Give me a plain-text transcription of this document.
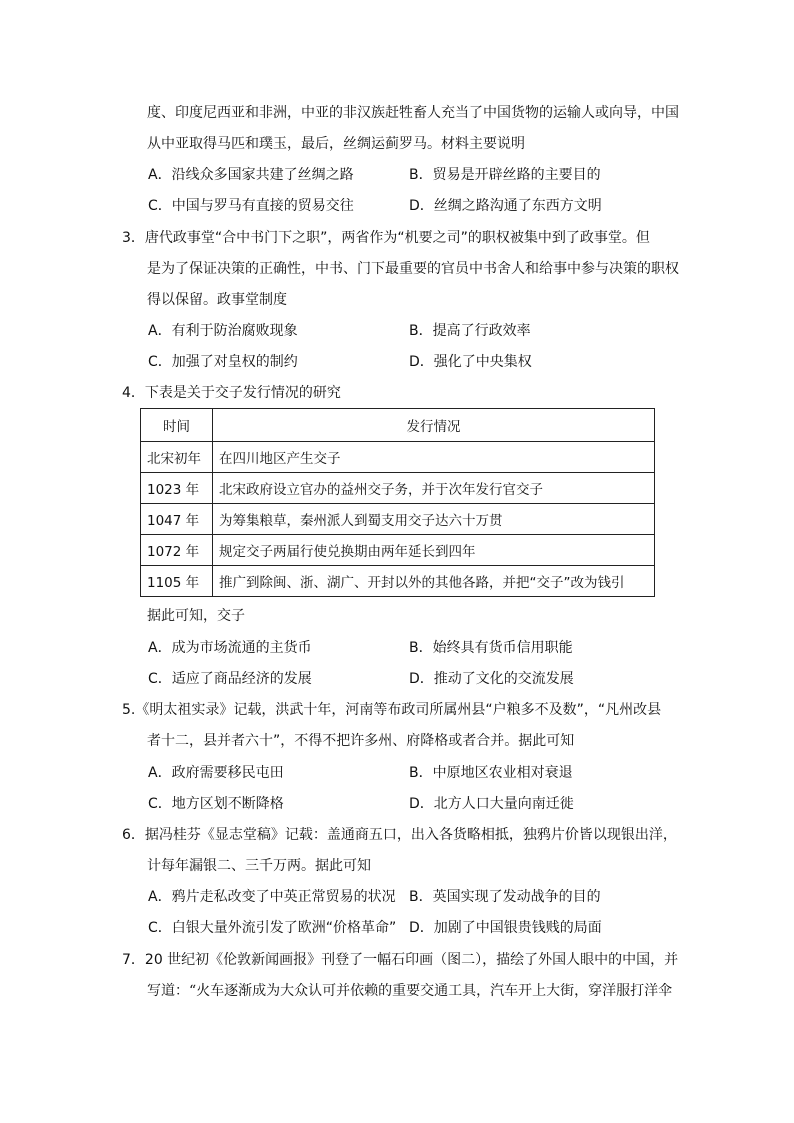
度、印度尼西亚和非洲，中亚的非汉族赶牲畜人充当了中国货物的运输人或向导，中国
从中亚取得马匹和璞玉，最后，丝绸运蓟罗马。材料主要说明
A．沿线众多国家共建了丝绸之路	B．贸易是开辟丝路的主要目的
C．中国与罗马有直接的贸易交往	D．丝绸之路沟通了东西方文明
3．唐代政事堂“合中书门下之职”，两省作为“机要之司”的职权被集中到了政事堂。但
是为了保证决策的正确性，中书、门下最重要的官员中书舍人和给事中参与决策的职权
得以保留。政事堂制度
A．有利于防治腐败现象	B．提高了行政效率
C．加强了对皇权的制约	D．强化了中央集权
4．下表是关于交子发行情况的研究
时间	发行情况
北宋初年	在四川地区产生交子
1023 年	北宋政府设立官办的益州交子务，并于次年发行官交子
1047 年	为筹集粮草，秦州派人到蜀支用交子达六十万贯
1072 年	规定交子两届行使兑换期由两年延长到四年
1105 年	推广到除闽、浙、湖广、开封以外的其他各路，并把“交子”改为钱引
据此可知，交子
A．成为市场流通的主货币	B．始终具有货币信用职能
C．适应了商品经济的发展	D．推动了文化的交流发展
5.《明太祖实录》记载，洪武十年，河南等布政司所属州县“户粮多不及数”，“凡州改县
者十二，县并者六十”，不得不把许多州、府降格或者合并。据此可知
A．政府需要移民屯田	B．中原地区农业相对衰退
C．地方区划不断降格	D．北方人口大量向南迁徙
6．据冯桂芬《显志堂稿》记载：盖通商五口，出入各货略相抵，独鸦片价皆以现银出洋，
计每年漏银二、三千万两。据此可知
A．鸦片走私改变了中英正常贸易的状况 B．英国实现了发动战争的目的
C．白银大量外流引发了欧洲“价格革命” D．加剧了中国银贵钱贱的局面
7．20 世纪初《伦敦新闻画报》刊登了一幅石印画（图二），描绘了外国人眼中的中国，并
写道：“火车逐渐成为大众认可并依赖的重要交通工具，汽车开上大街，穿洋服打洋伞
